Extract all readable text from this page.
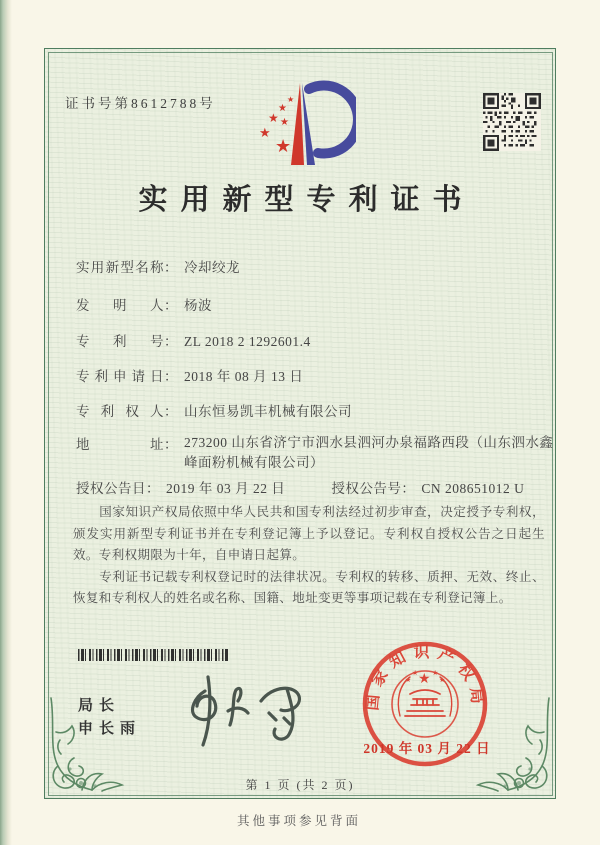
证书号第8612788号
★
★
★ ★
★
★
实用新型专利证书
实用新型名称： 冷却绞龙
发明人： 杨波
专利号： ZL 2018 2 1292601.4
专利申请日： 2018 年 08 月 13 日
专利权人： 山东恒易凯丰机械有限公司
地址： 273200 山东省济宁市泗水县泗河办泉福路西段（山东泗水鑫峰面粉机械有限公司）
授权公告日： 2019 年 03 月 22 日	授权公告号： CN 208651012 U

国家知识产权局依照中华人民共和国专利法经过初步审查，决定授予专利权，颁发实用新型专利证书并在专利登记簿上予以登记。专利权自授权公告之日起生效。专利权期限为十年，自申请日起算。

专利证书记载专利权登记时的法律状况。专利权的转移、质押、无效、终止、恢复和专利权人的姓名或名称、国籍、地址变更等事项记载在专利登记簿上。

局长
申长雨
国家知识产权局
★
★
★ ★
★
2019 年 03 月 22 日
第 1 页 (共 2 页)
其他事项参见背面
